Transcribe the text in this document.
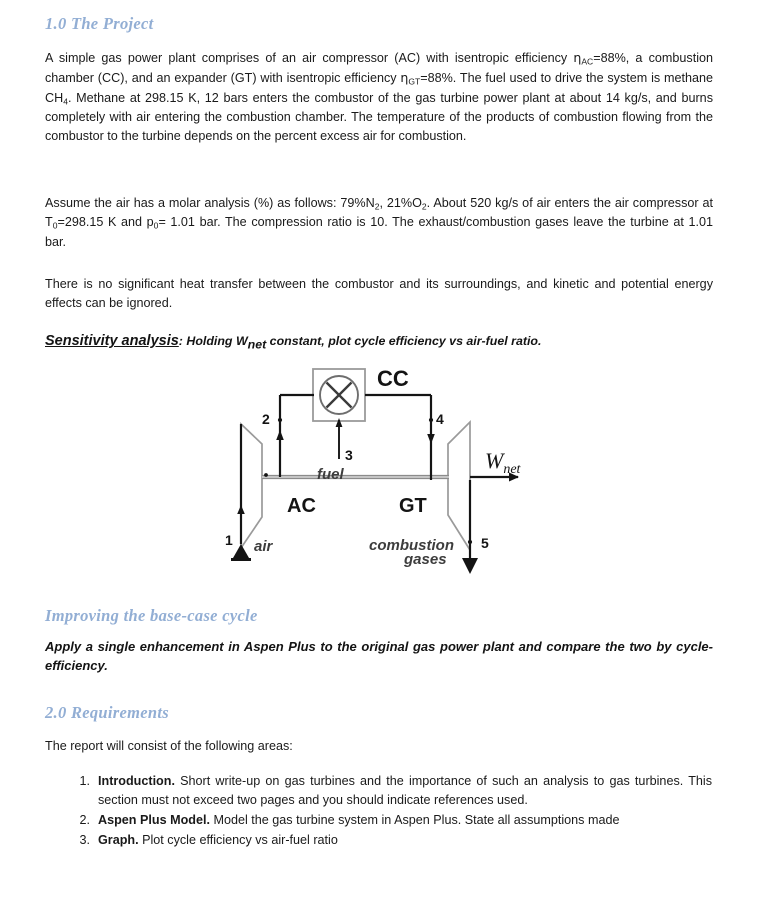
1.0 The Project
A simple gas power plant comprises of an air compressor (AC) with isentropic efficiency $\eta_{AC}=88\%$, a combustion chamber (CC), and an expander (GT) with isentropic efficiency $\eta_{GT}=88\%$. The fuel used to drive the system is methane $CH_4$. Methane at 298.15 K, 12 bars enters the combustor of the gas turbine power plant at about 14 kg/s, and burns completely with air entering the combustion chamber. The temperature of the products of combustion flowing from the combustor to the turbine depends on the percent excess air for combustion.
Assume the air has a molar analysis (%) as follows: $79\%N_2$, $21\%O_2$. About 520 kg/s of air enters the air compressor at $T_0=298.15$ K and $p_0= 1.01$ bar. The compression ratio is 10. The exhaust/combustion gases leave the turbine at 1.01 bar.
There is no significant heat transfer between the combustor and its surroundings, and kinetic and potential energy effects can be ignored.
Sensitivity analysis: Holding $W_{net}$ constant, plot cycle efficiency vs air-fuel ratio.
CC
AC	GT
1
2
3
4
5
air
fuel
combustion
gases
$W_{net}$
Improving the base-case cycle
Apply a single enhancement in Aspen Plus to the original gas power plant and compare the two by cycle-efficiency.
2.0 Requirements
The report will consist of the following areas:
1. Introduction. Short write-up on gas turbines and the importance of such an analysis to gas turbines. This section must not exceed two pages and you should indicate references used.
2. Aspen Plus Model. Model the gas turbine system in Aspen Plus. State all assumptions made
3. Graph. Plot cycle efficiency vs air-fuel ratio
